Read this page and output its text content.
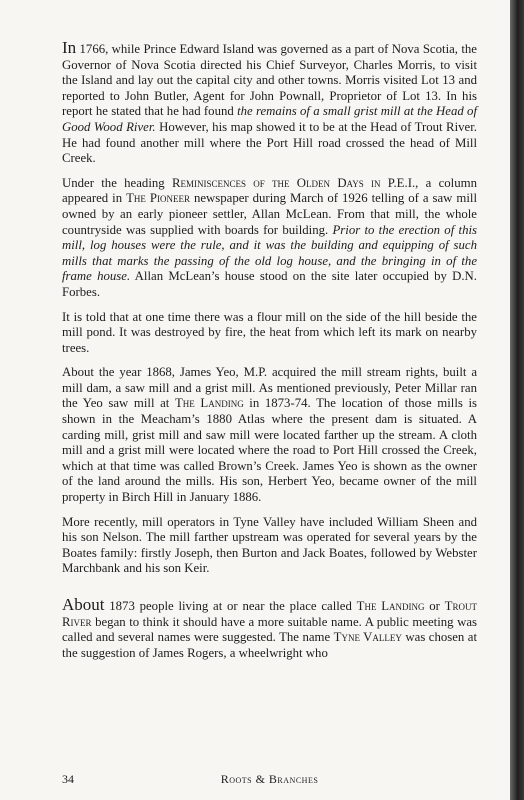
In 1766, while Prince Edward Island was governed as a part of Nova Scotia, the Governor of Nova Scotia directed his Chief Surveyor, Charles Morris, to visit the Island and lay out the capital city and other towns. Morris visited Lot 13 and reported to John Butler, Agent for John Pownall, Proprietor of Lot 13. In his report he stated that he had found the remains of a small grist mill at the Head of Good Wood River. However, his map showed it to be at the Head of Trout River. He had found another mill where the Port Hill road crossed the head of Mill Creek.

Under the heading Reminiscences of the Olden Days in P.E.I., a column appeared in The Pioneer newspaper during March of 1926 telling of a saw mill owned by an early pioneer settler, Allan McLean. From that mill, the whole countryside was supplied with boards for building. Prior to the erection of this mill, log houses were the rule, and it was the building and equipping of such mills that marks the passing of the old log house, and the bringing in of the frame house. Allan McLean’s house stood on the site later occupied by D.N. Forbes.

It is told that at one time there was a flour mill on the side of the hill beside the mill pond. It was destroyed by fire, the heat from which left its mark on nearby trees.

About the year 1868, James Yeo, M.P. acquired the mill stream rights, built a mill dam, a saw mill and a grist mill. As mentioned previously, Peter Millar ran the Yeo saw mill at The Landing in 1873-74. The location of those mills is shown in the Meacham’s 1880 Atlas where the present dam is situated. A carding mill, grist mill and saw mill were located farther up the stream. A cloth mill and a grist mill were located where the road to Port Hill crossed the Creek, which at that time was called Brown’s Creek. James Yeo is shown as the owner of the land around the mills. His son, Herbert Yeo, became owner of the mill property in Birch Hill in January 1886.

More recently, mill operators in Tyne Valley have included William Sheen and his son Nelson. The mill farther upstream was operated for several years by the Boates family: firstly Joseph, then Burton and Jack Boates, followed by Webster Marchbank and his son Keir.

About 1873 people living at or near the place called The Landing or Trout River began to think it should have a more suitable name. A public meeting was called and several names were suggested. The name Tyne Valley was chosen at the suggestion of James Rogers, a wheelwright who

Roots & Branches
34
